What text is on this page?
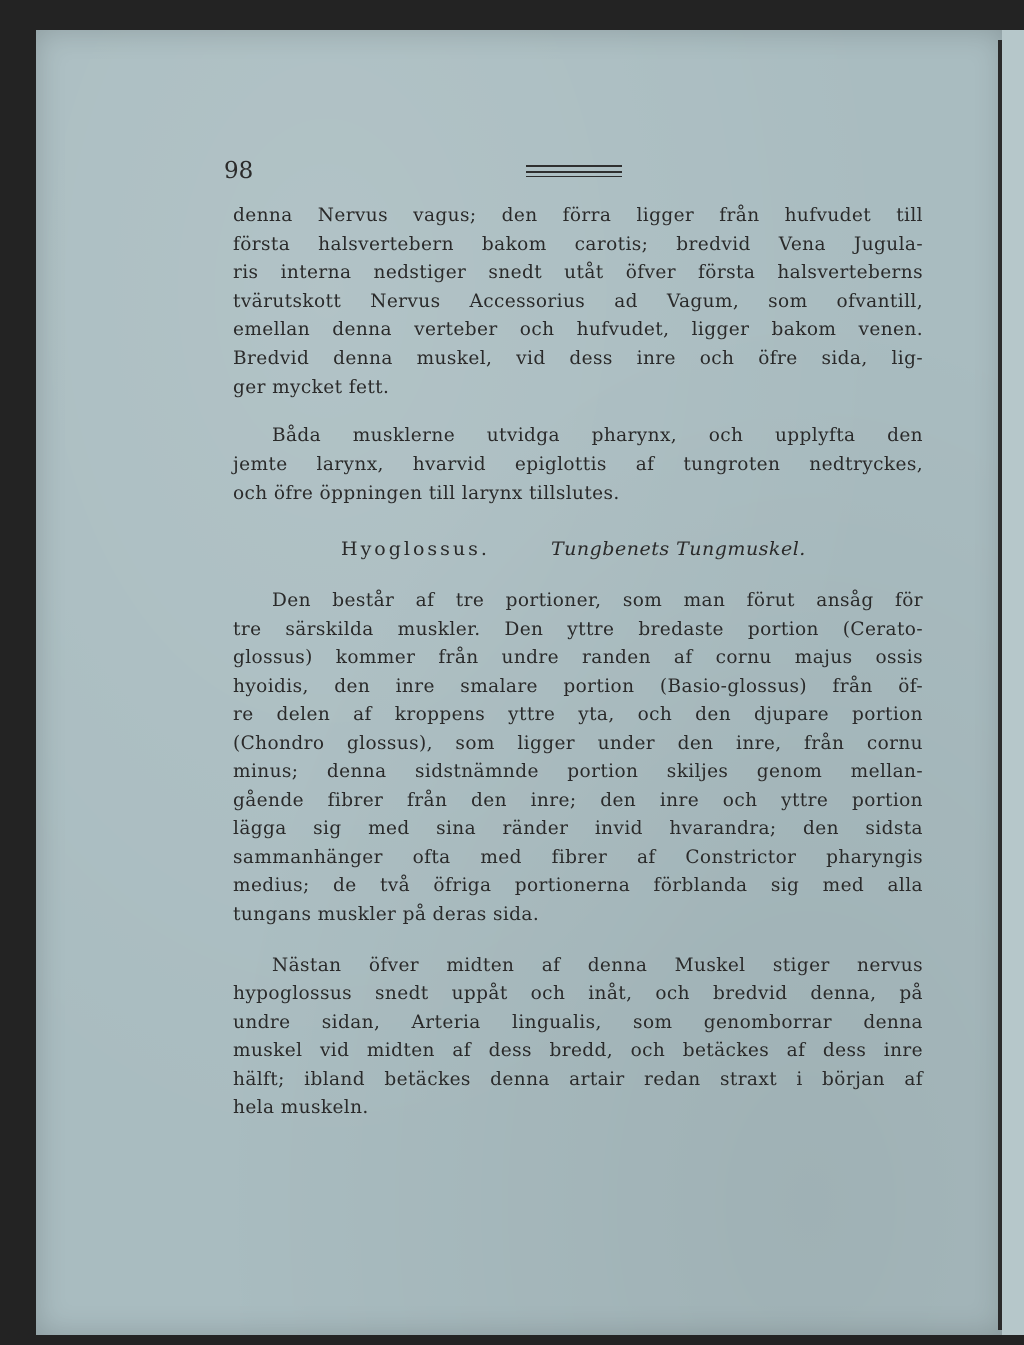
98
denna Nervus vagus; den förra ligger från hufvudet till
första halsvertebern bakom carotis; bredvid Vena Jugula-
ris interna nedstiger snedt utåt öfver första halsverteberns
tvärutskott Nervus Accessorius ad Vagum, som ofvantill,
emellan denna verteber och hufvudet, ligger bakom venen.
Bredvid denna muskel, vid dess inre och öfre sida, lig-
ger mycket fett.
Båda musklerne utvidga pharynx, och upplyfta den
jemte larynx, hvarvid epiglottis af tungroten nedtryckes,
och öfre öppningen till larynx tillslutes.
Hyoglossus.	Tungbenets Tungmuskel.
Den består af tre portioner, som man förut ansåg för
tre särskilda muskler. Den yttre bredaste portion (Cerato-
glossus) kommer från undre randen af cornu majus ossis
hyoidis, den inre smalare portion (Basio-glossus) från öf-
re delen af kroppens yttre yta, och den djupare portion
(Chondro glossus), som ligger under den inre, från cornu
minus; denna sidstnämnde portion skiljes genom mellan-
gående fibrer från den inre; den inre och yttre portion
lägga sig med sina ränder invid hvarandra; den sidsta
sammanhänger ofta med fibrer af Constrictor pharyngis
medius; de två öfriga portionerna förblanda sig med alla
tungans muskler på deras sida.
Nästan öfver midten af denna Muskel stiger nervus
hypoglossus snedt uppåt och inåt, och bredvid denna, på
undre sidan, Arteria lingualis, som genomborrar denna
muskel vid midten af dess bredd, och betäckes af dess inre
hälft; ibland betäckes denna artair redan straxt i början af
hela muskeln.
